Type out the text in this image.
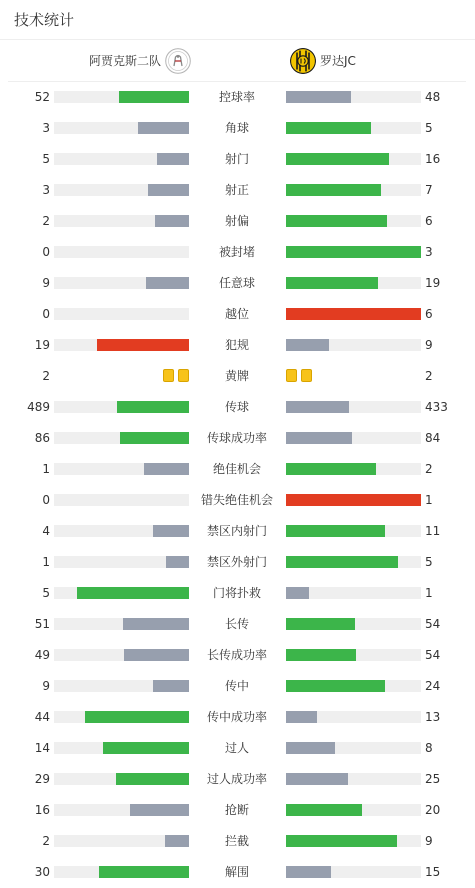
技术统计
阿贾克斯二队	罗达JC
52	控球率	48
3	角球	5
5	射门	16
3	射正	7
2	射偏	6
0	被封堵	3
9	任意球	19
0	越位	6
19	犯规	9
2	黄牌	2
489	传球	433
86	传球成功率	84
1	绝佳机会	2
0	错失绝佳机会	1
4	禁区内射门	11
1	禁区外射门	5
5	门将扑救	1
51	长传	54
49	长传成功率	54
9	传中	24
44	传中成功率	13
14	过人	8
29	过人成功率	25
16	抢断	20
2	拦截	9
30	解围	15
